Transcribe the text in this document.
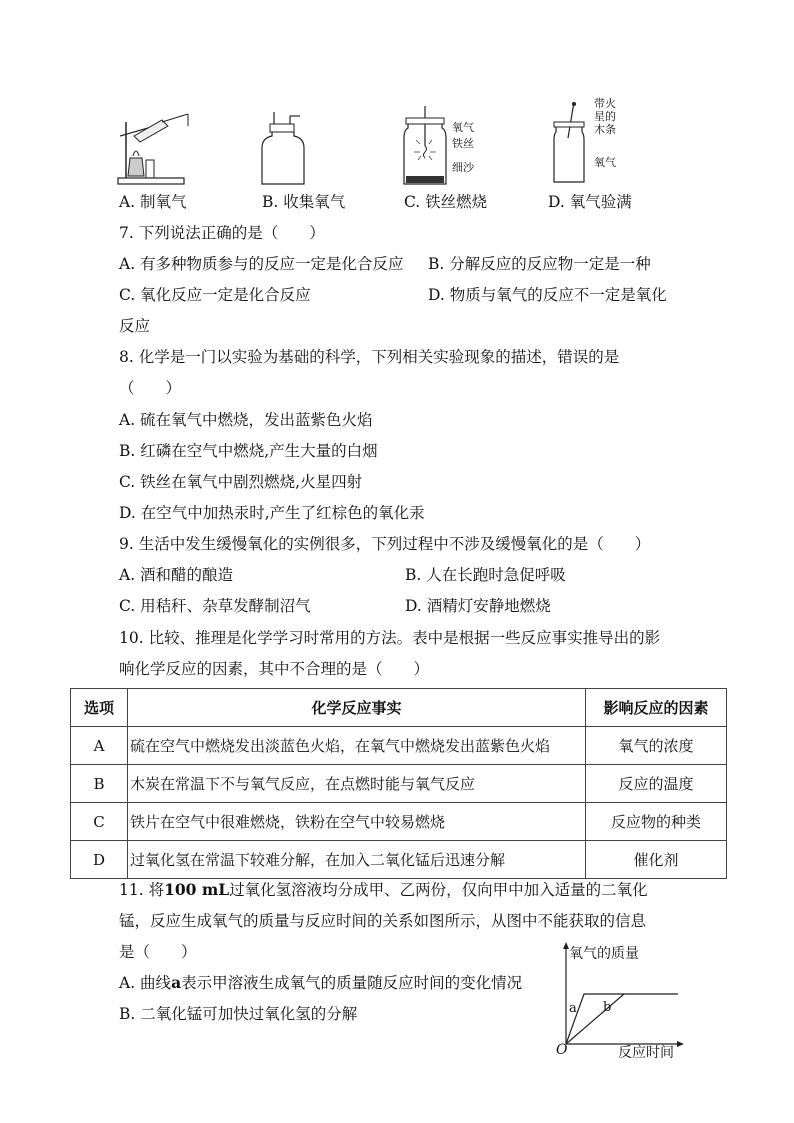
A. 制氧气	B. 收集氧气
氧气
铁丝
细沙
C. 铁丝燃烧
带火
星的
木条
氧气
D. 氧气验满
7. 下列说法正确的是（　　）
A. 有多种物质参与的反应一定是化合反应 B. 分解反应的反应物一定是一种
C. 氧化反应一定是化合反应	D. 物质与氧气的反应不一定是氧化
反应
8. 化学是一门以实验为基础的科学，下列相关实验现象的描述，错误的是
（　　）
A. 硫在氧气中燃烧，发出蓝紫色火焰
B. 红磷在空气中燃烧,产生大量的白烟
C. 铁丝在氧气中剧烈燃烧,火星四射
D. 在空气中加热汞时,产生了红棕色的氧化汞
9. 生活中发生缓慢氧化的实例很多，下列过程中不涉及缓慢氧化的是（　　）
A. 酒和醋的酿造	B. 人在长跑时急促呼吸
C. 用秸秆、杂草发酵制沼气	D. 酒精灯安静地燃烧
10. 比较、推理是化学学习时常用的方法。表中是根据一些反应事实推导出的影
响化学反应的因素，其中不合理的是（　　）
选项	化学反应事实	影响反应的因素
A	硫在空气中燃烧发出淡蓝色火焰，在氧气中燃烧发出蓝紫色火焰	氧气的浓度
B	木炭在常温下不与氧气反应，在点燃时能与氧气反应	反应的温度
C	铁片在空气中很难燃烧，铁粉在空气中较易燃烧	反应物的种类
D	过氧化氢在常温下较难分解，在加入二氧化锰后迅速分解	催化剂
11. 将100 mL过氧化氢溶液均分成甲、乙两份，仅向甲中加入适量的二氧化
锰，反应生成氧气的质量与反应时间的关系如图所示，从图中不能获取的信息
是（　　）
A. 曲线a表示甲溶液生成氧气的质量随反应时间的变化情况
B. 二氧化锰可加快过氧化氢的分解
氧气的质量
反应时间
O
a b
